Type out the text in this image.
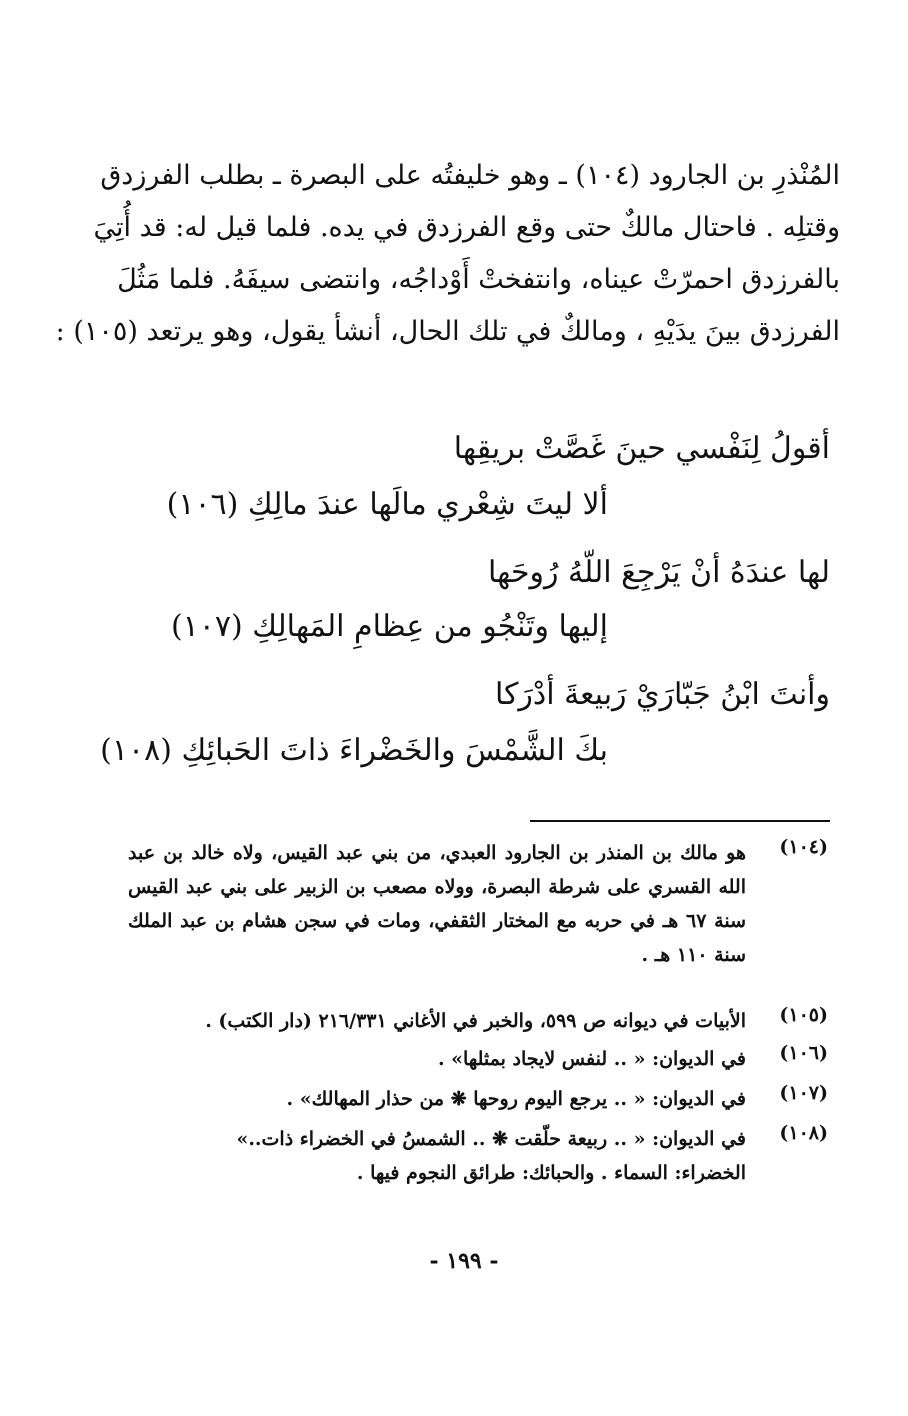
المُنْذرِ بن الجارود (١٠٤) ـ وهو خليفتُه على البصرة ـ بطلب الفرزدق
وقتلِه . فاحتال مالكٌ حتى وقع الفرزدق في يده. فلما قيل له: قد أُتِيَ
بالفرزدق احمرّتْ عيناه، وانتفختْ أَوْداجُه، وانتضى سيفَهُ. فلما مَثُلَ
الفرزدق بينَ يدَيْهِ ، ومالكٌ في تلك الحال، أنشأ يقول، وهو يرتعد (١٠٥) :
أقولُ لِنَفْسي حينَ غَصَّتْ بريقِها
ألا ليتَ شِعْري مالَها عندَ مالِكِ (١٠٦)
لها عندَهُ أنْ يَرْجِعَ اللّهُ رُوحَها
إليها وتَنْجُو من عِظامِ المَهالِكِ (١٠٧)
وأنتَ ابْنُ جَبّارَيْ رَبيعةَ أدْرَكا
بكَ الشَّمْسَ والخَضْراءَ ذاتَ الحَبائِكِ (١٠٨)
(١٠٤)
هو مالك بن المنذر بن الجارود العبدي، من بني عبد القيس، ولاه خالد بن عبد
الله القسري على شرطة البصرة، وولاه مصعب بن الزبير على بني عبد القيس
سنة ٦٧ هـ في حربه مع المختار الثقفي، ومات في سجن هشام بن عبد الملك
سنة ١١٠ هـ .
(١٠٥)
الأبيات في ديوانه ص ٥٩٩، والخبر في الأغاني ٢١٦/٣٣١ (دار الكتب) .
(١٠٦)
في الديوان: « .. لنفس لايجاد بمثلها» .
(١٠٧)
في الديوان: « .. يرجع اليوم روحها ❋ من حذار المهالك» .
(١٠٨)
في الديوان: « .. ربيعة حلّقت ❋ .. الشمسُ في الخضراء ذات..»
الخضراء: السماء . والحبائك: طرائق النجوم فيها .
- ١٩٩ -
